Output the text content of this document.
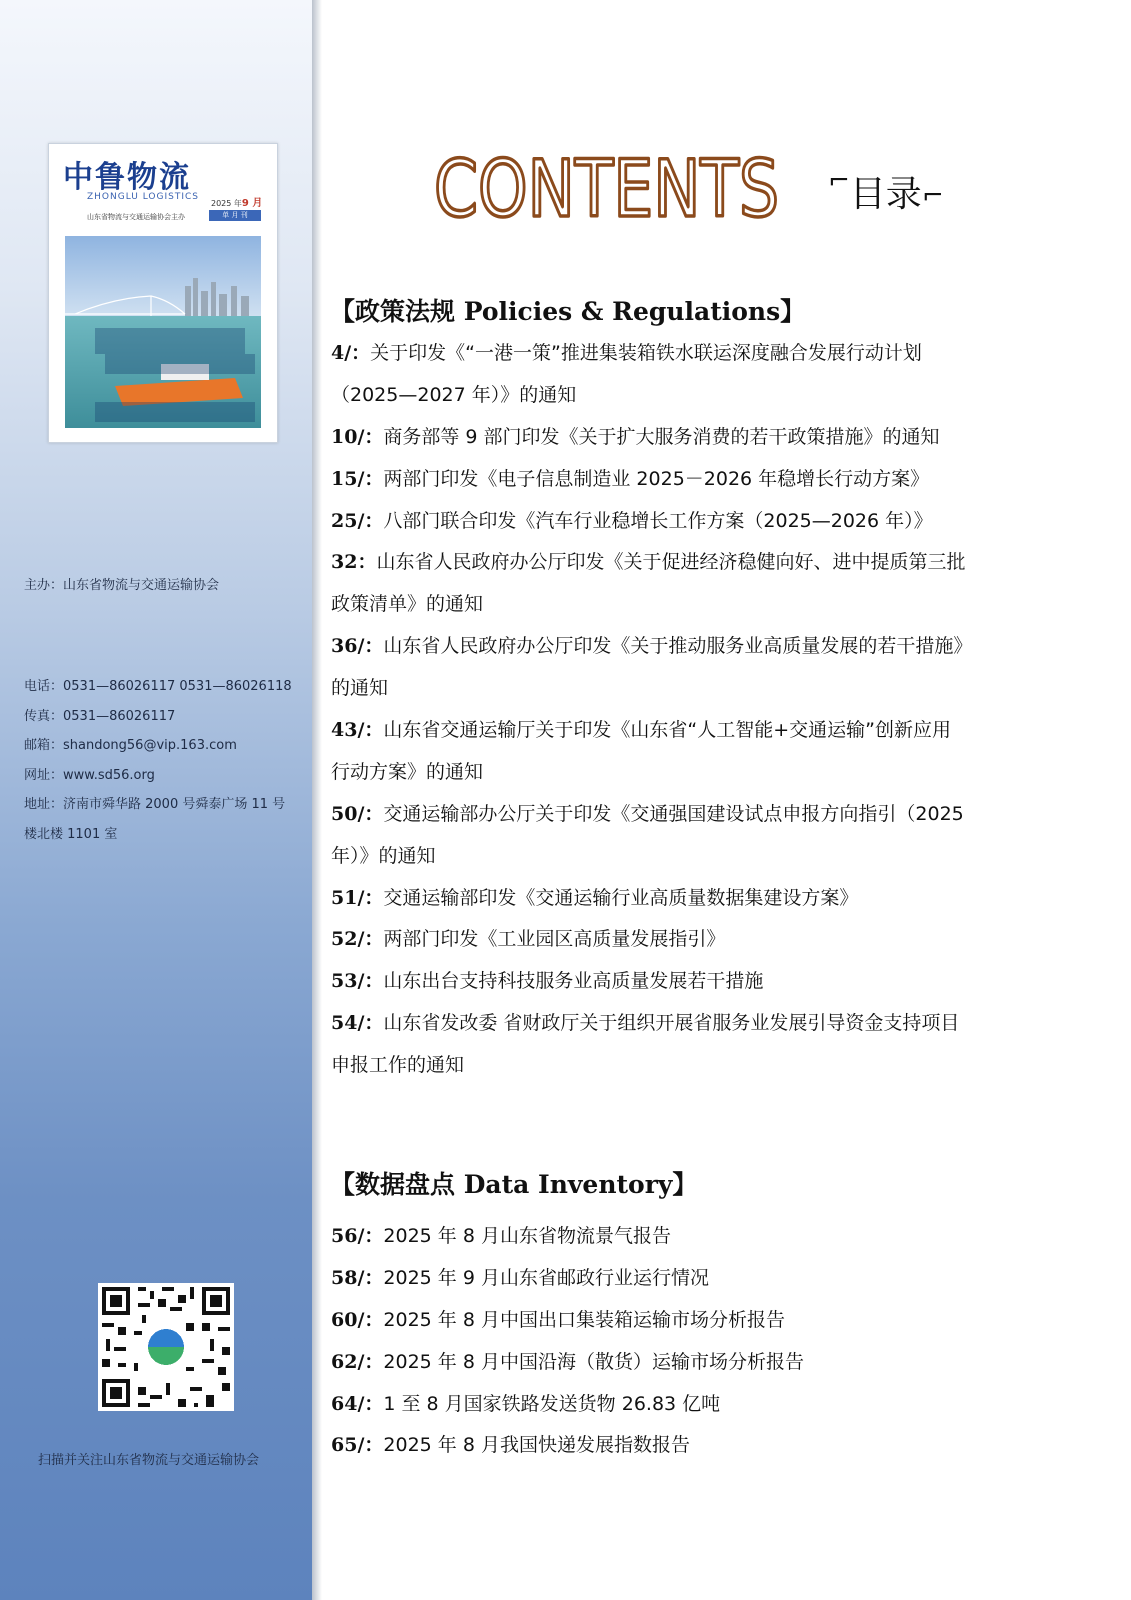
中鲁物流
ZHONGLU LOGISTICS
2025 年9 月
山东省物流与交通运输协会主办	单 月 刊
主办：山东省物流与交通运输协会
电话：0531—86026117 0531—86026118
传真：0531—86026117
邮箱：shandong56@vip.163.com
网址：www.sd56.org
地址：济南市舜华路 2000 号舜泰广场 11 号
楼北楼 1101 室
扫描并关注山东省物流与交通运输协会
CONTENTS ⌐目录⌐
【政策法规 Policies & Regulations】
4/：关于印发《“一港一策”推进集装箱铁水联运深度融合发展行动计划
（2025—2027 年）》的通知
10/：商务部等 9 部门印发《关于扩大服务消费的若干政策措施》的通知
15/：两部门印发《电子信息制造业 2025－2026 年稳增长行动方案》
25/：八部门联合印发《汽车行业稳增长工作方案（2025—2026 年）》
32：山东省人民政府办公厅印发《关于促进经济稳健向好、进中提质第三批
政策清单》的通知
36/：山东省人民政府办公厅印发《关于推动服务业高质量发展的若干措施》
的通知
43/：山东省交通运输厅关于印发《山东省“人工智能+交通运输”创新应用
行动方案》的通知
50/：交通运输部办公厅关于印发《交通强国建设试点申报方向指引（2025
年）》的通知
51/：交通运输部印发《交通运输行业高质量数据集建设方案》
52/：两部门印发《工业园区高质量发展指引》
53/：山东出台支持科技服务业高质量发展若干措施
54/：山东省发改委 省财政厅关于组织开展省服务业发展引导资金支持项目
申报工作的通知
【数据盘点 Data Inventory】
56/：2025 年 8 月山东省物流景气报告
58/：2025 年 9 月山东省邮政行业运行情况
60/：2025 年 8 月中国出口集装箱运输市场分析报告
62/：2025 年 8 月中国沿海（散货）运输市场分析报告
64/：1 至 8 月国家铁路发送货物 26.83 亿吨
65/：2025 年 8 月我国快递发展指数报告
